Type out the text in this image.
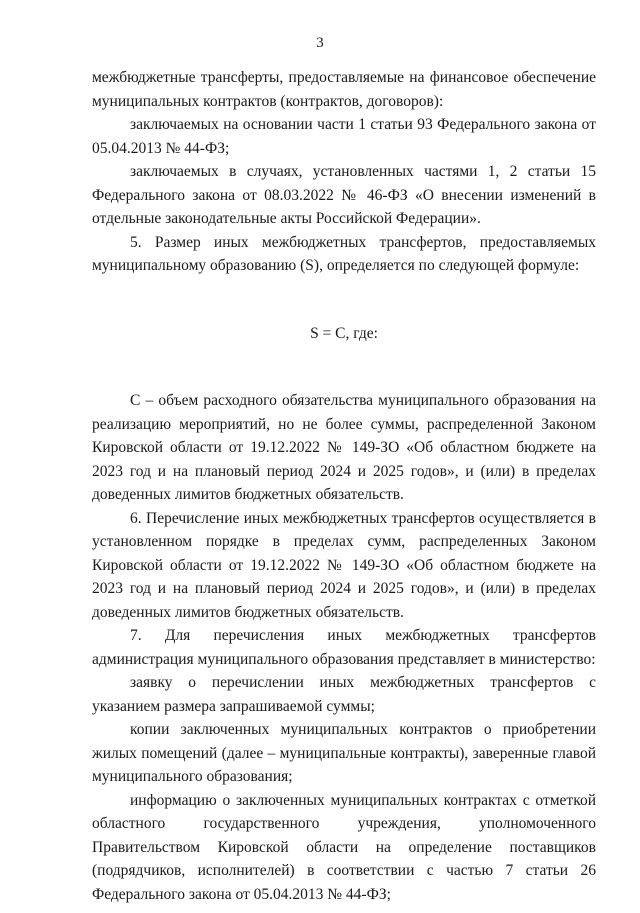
3

межбюджетные трансферты, предоставляемые на финансовое обеспечение муниципальных контрактов (контрактов, договоров):

заключаемых на основании части 1 статьи 93 Федерального закона от 05.04.2013 № 44-ФЗ;

заключаемых в случаях, установленных частями 1, 2 статьи 15 Федерального закона от 08.03.2022 № 46-ФЗ «О внесении изменений в отдельные законодательные акты Российской Федерации».

5. Размер иных межбюджетных трансфертов, предоставляемых муниципальному образованию (S), определяется по следующей формуле:

S = C, где:

C – объем расходного обязательства муниципального образования на реализацию мероприятий, но не более суммы, распределенной Законом Кировской области от 19.12.2022 № 149-ЗО «Об областном бюджете на 2023 год и на плановый период 2024 и 2025 годов», и (или) в пределах доведенных лимитов бюджетных обязательств.

6. Перечисление иных межбюджетных трансфертов осуществляется в установленном порядке в пределах сумм, распределенных Законом Кировской области от 19.12.2022 № 149-ЗО «Об областном бюджете на 2023 год и на плановый период 2024 и 2025 годов», и (или) в пределах доведенных лимитов бюджетных обязательств.

7. Для перечисления иных межбюджетных трансфертов администрация муниципального образования представляет в министерство:

заявку о перечислении иных межбюджетных трансфертов с указанием размера запрашиваемой суммы;

копии заключенных муниципальных контрактов о приобретении жилых помещений (далее – муниципальные контракты), заверенные главой муниципального образования;

информацию о заключенных муниципальных контрактах с отметкой областного государственного учреждения, уполномоченного Правительством Кировской области на определение поставщиков (подрядчиков, исполнителей) в соответствии с частью 7 статьи 26 Федерального закона от 05.04.2013 № 44-ФЗ;
